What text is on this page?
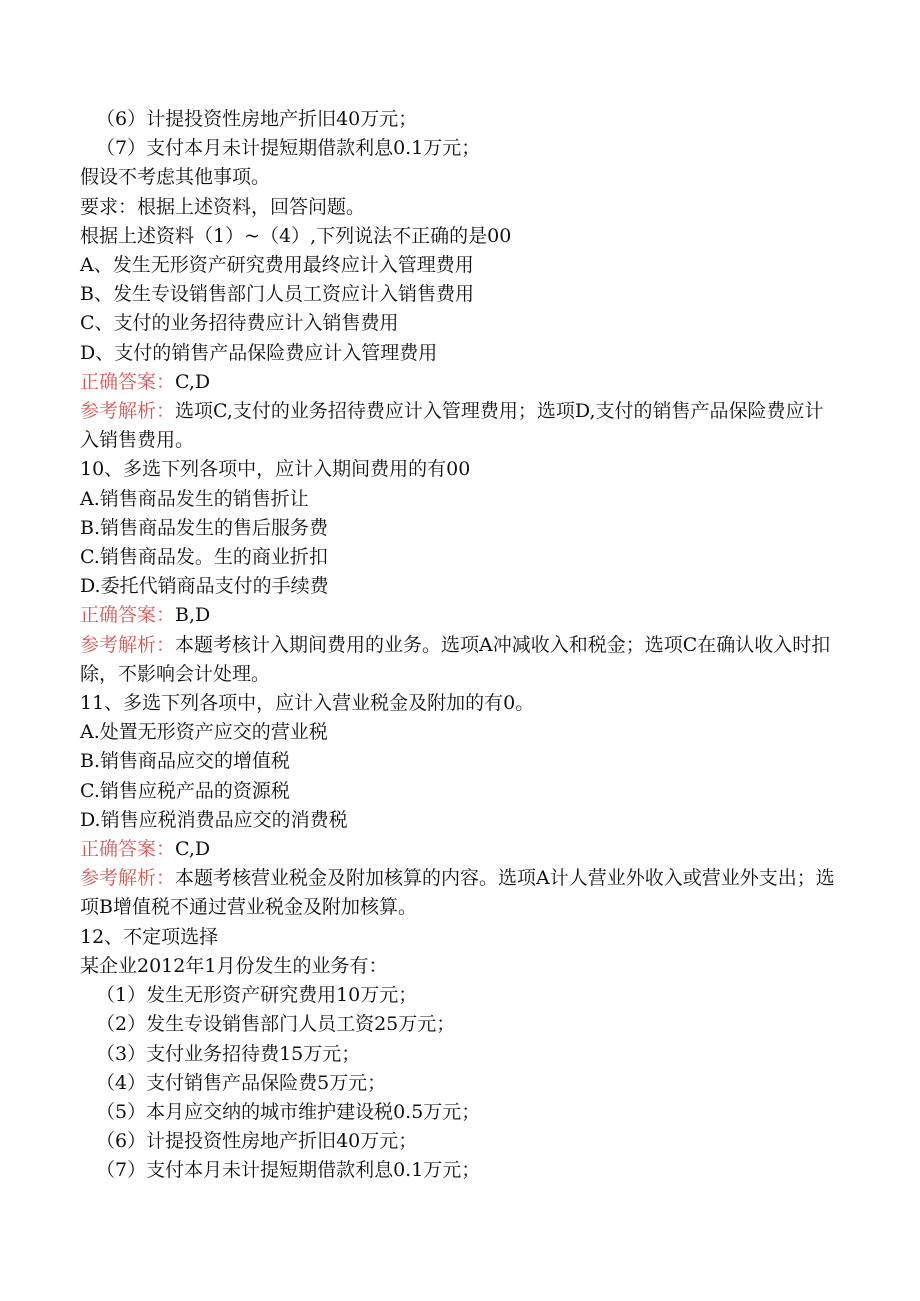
（6）计提投资性房地产折旧40万元；

（7）支付本月未计提短期借款利息0.1万元；

假设不考虑其他事项。

要求：根据上述资料，回答问题。

根据上述资料（1）~（4）,下列说法不正确的是00

A、发生无形资产研究费用最终应计入管理费用

B、发生专设销售部门人员工资应计入销售费用

C、支付的业务招待费应计入销售费用

D、支付的销售产品保险费应计入管理费用

正确答案：C,D

参考解析：选项C,支付的业务招待费应计入管理费用；选项D,支付的销售产品保险费应计入销售费用。

10、多选下列各项中，应计入期间费用的有00

A.销售商品发生的销售折让

B.销售商品发生的售后服务费

C.销售商品发。生的商业折扣

D.委托代销商品支付的手续费

正确答案：B,D

参考解析：本题考核计入期间费用的业务。选项A冲减收入和税金；选项C在确认收入时扣除，不影响会计处理。

11、多选下列各项中，应计入营业税金及附加的有0。

A.处置无形资产应交的营业税

B.销售商品应交的增值税

C.销售应税产品的资源税

D.销售应税消费品应交的消费税

正确答案：C,D

参考解析：本题考核营业税金及附加核算的内容。选项A计人营业外收入或营业外支出；选项B增值税不通过营业税金及附加核算。

12、不定项选择

某企业2012年1月份发生的业务有：

（1）发生无形资产研究费用10万元；

（2）发生专设销售部门人员工资25万元；

（3）支付业务招待费15万元；

（4）支付销售产品保险费5万元；

（5）本月应交纳的城市维护建设税0.5万元；

（6）计提投资性房地产折旧40万元；

（7）支付本月未计提短期借款利息0.1万元；
